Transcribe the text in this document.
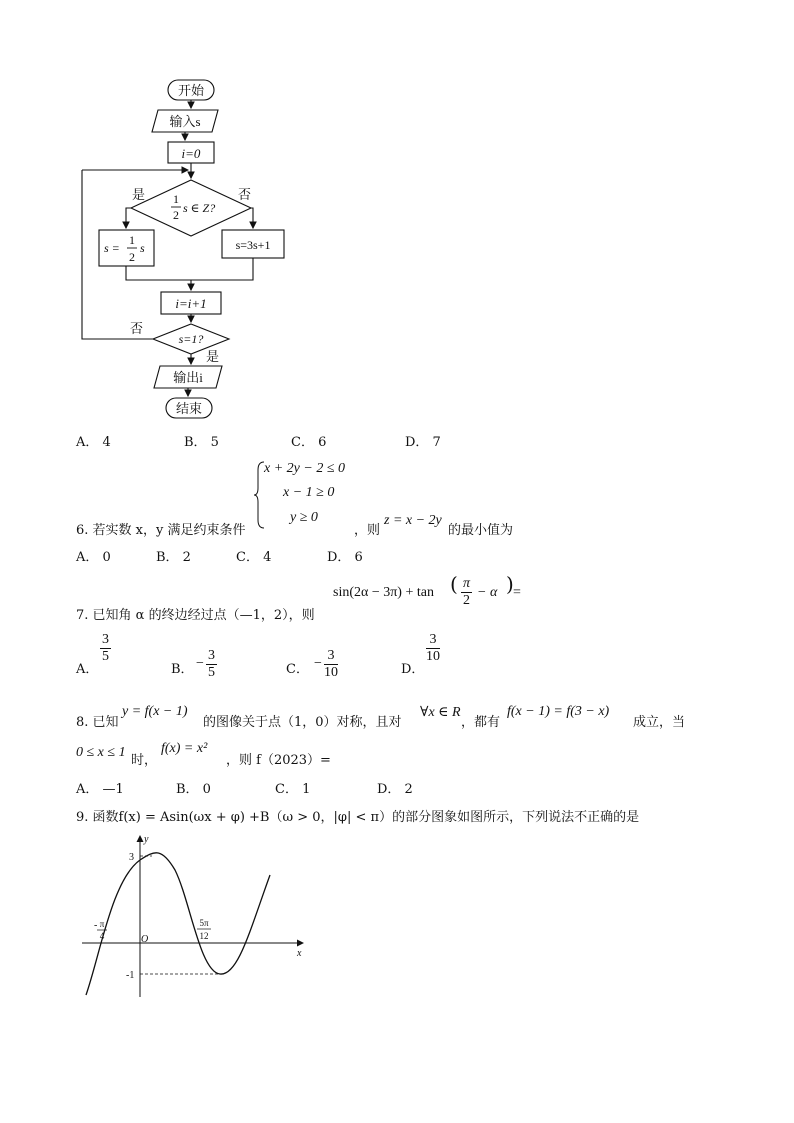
开始
输入s
i=0
1
2 s ∈ Z?
是	否
s =
1
2
s	s=3s+1
i=i+1
s=1?
否
是
输出i
结束
A． 4	B． 5	C． 6	D． 7
x + 2y − 2 ≤ 0
x − 1 ≥ 0
y ≥ 0
6. 若实数 x，y 满足约束条件	，则
z = x − 2y
的最小值为
A． 0	B． 2	C． 4	D． 6
sin(2α − 3π) + tan ( $\frac{\pi}{2} - \alpha$ ) =
7. 已知角 α 的终边经过点（—1，2），则
A．
$\frac{3}{5}$
B． − $\frac{3}{5}$	C． − $\frac{3}{10}$	D．
$\frac{3}{10}$
8. 已知
y = f(x − 1)
的图像关于点（1，0）对称，且对
∀x ∈ R
，都有
f(x − 1) = f(3 − x)
成立，当
0 ≤ x ≤ 1
时，
f(x) = x²
，则 f（2023）=
A． —1	B． 0	C． 1	D． 2
9. 函数f(x) = Asin(ωx + φ) +B（ω > 0，|φ| < π）的部分图象如图所示，下列说法不正确的是
y
x
O
3
-1
- π
4
5π
12
